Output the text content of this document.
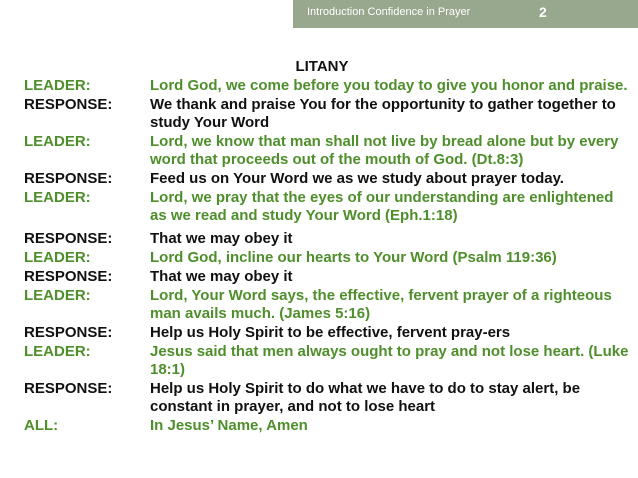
Introduction Confidence in Prayer	2
LITANY
LEADER:	Lord God, we come before you today to give you honor and praise.
RESPONSE:	We thank and praise You for the opportunity to gather together to study Your Word
LEADER:	Lord, we know that man shall not live by bread alone but by every word that proceeds out of the mouth of God. (Dt.8:3)
RESPONSE:	Feed us on Your Word we as we study about prayer today.
LEADER:	Lord, we pray that the eyes of our understanding are enlightened as we read and study Your Word (Eph.1:18)
RESPONSE:	That we may obey it
LEADER:	Lord God, incline our hearts to Your Word (Psalm 119:36)
RESPONSE:	That we may obey it
LEADER:	Lord, Your Word says, the effective, fervent prayer of a righteous man avails much. (James 5:16)
RESPONSE:	Help us Holy Spirit to be effective, fervent pray-ers
LEADER:	Jesus said that men always ought to pray and not lose heart. (Luke 18:1)
RESPONSE:	Help us Holy Spirit to do what we have to do to stay alert, be constant in prayer, and not to lose heart
ALL:	In Jesus’ Name, Amen
